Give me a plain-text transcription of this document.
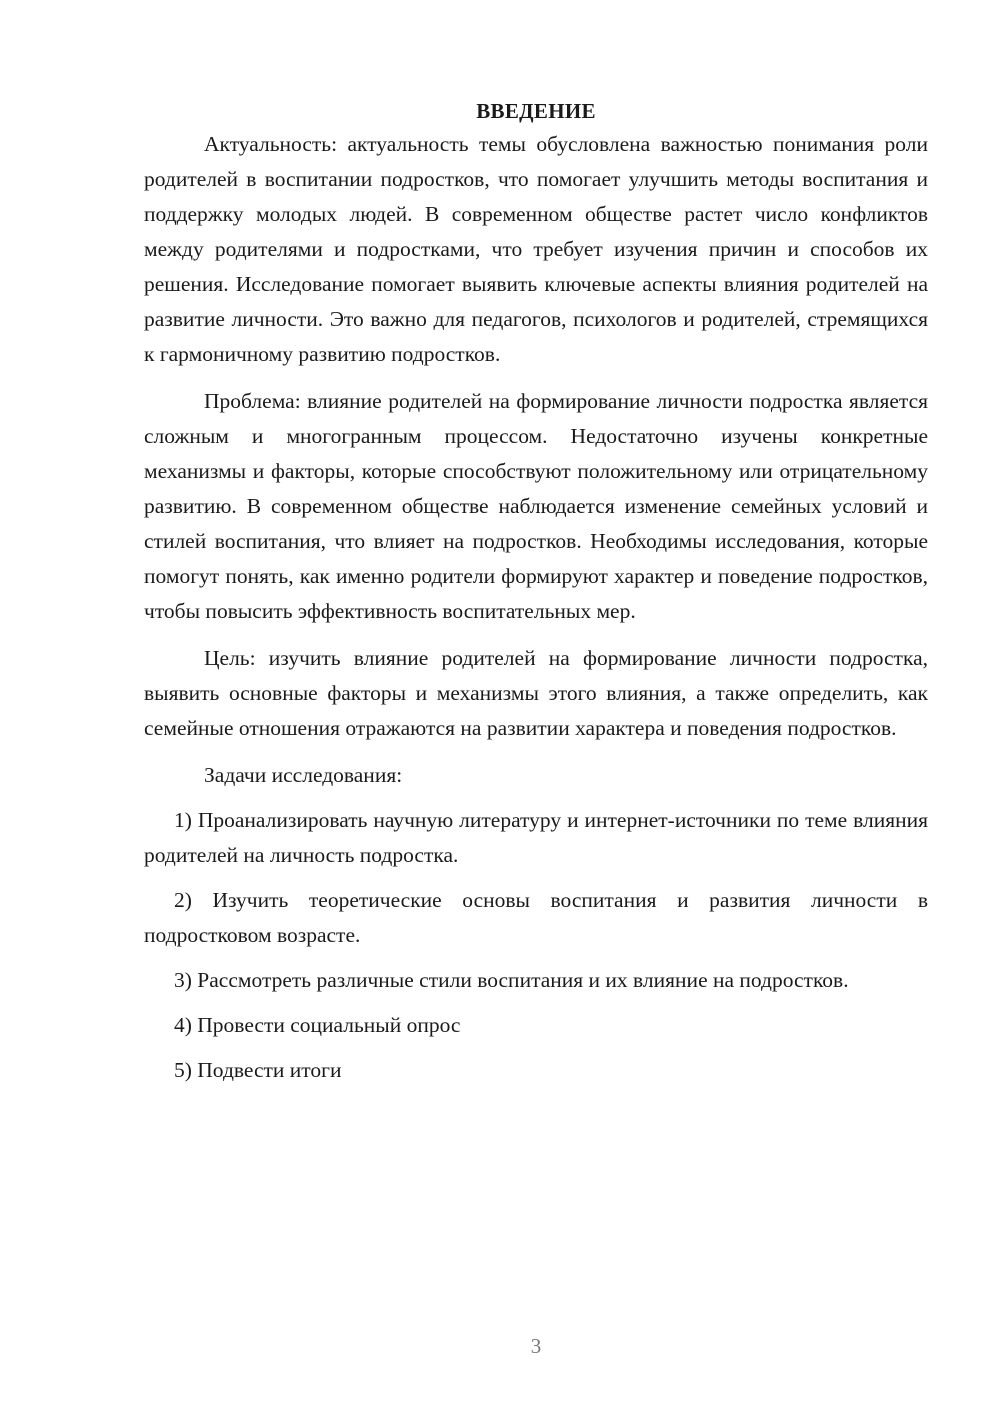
ВВЕДЕНИЕ

Актуальность: актуальность темы обусловлена важностью понимания роли родителей в воспитании подростков, что помогает улучшить методы воспитания и поддержку молодых людей. В современном обществе растет число конфликтов между родителями и подростками, что требует изучения причин и способов их решения. Исследование помогает выявить ключевые аспекты влияния родителей на развитие личности. Это важно для педагогов, психологов и родителей, стремящихся к гармоничному развитию подростков.

Проблема: влияние родителей на формирование личности подростка является сложным и многогранным процессом. Недостаточно изучены конкретные механизмы и факторы, которые способствуют положительному или отрицательному развитию. В современном обществе наблюдается изменение семейных условий и стилей воспитания, что влияет на подростков. Необходимы исследования, которые помогут понять, как именно родители формируют характер и поведение подростков, чтобы повысить эффективность воспитательных мер.

Цель: изучить влияние родителей на формирование личности подростка, выявить основные факторы и механизмы этого влияния, а также определить, как семейные отношения отражаются на развитии характера и поведения подростков.

Задачи исследования:

1) Проанализировать научную литературу и интернет-источники по теме влияния родителей на личность подростка.

2) Изучить теоретические основы воспитания и развития личности в подростковом возрасте.

3) Рассмотреть различные стили воспитания и их влияние на подростков.

4) Провести социальный опрос

5) Подвести итоги

3
